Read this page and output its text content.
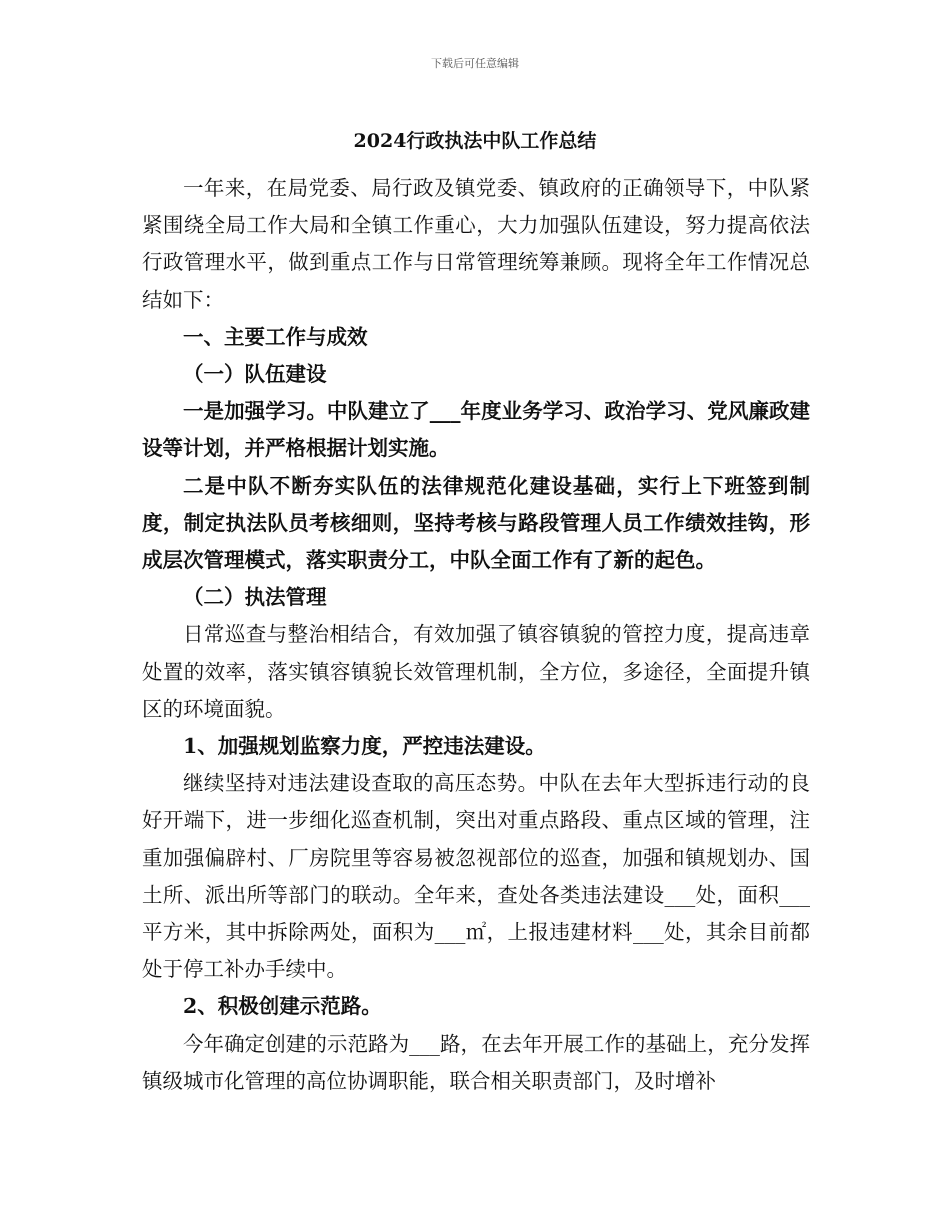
下载后可任意编辑
2024行政执法中队工作总结

一年来，在局党委、局行政及镇党委、镇政府的正确领导下，中队紧紧围绕全局工作大局和全镇工作重心，大力加强队伍建设，努力提高依法行政管理水平，做到重点工作与日常管理统筹兼顾。现将全年工作情况总结如下：

一、主要工作与成效

（一）队伍建设

一是加强学习。中队建立了___年度业务学习、政治学习、党风廉政建设等计划，并严格根据计划实施。

二是中队不断夯实队伍的法律规范化建设基础，实行上下班签到制度，制定执法队员考核细则，坚持考核与路段管理人员工作绩效挂钩，形成层次管理模式，落实职责分工，中队全面工作有了新的起色。

（二）执法管理

日常巡查与整治相结合，有效加强了镇容镇貌的管控力度，提高违章处置的效率，落实镇容镇貌长效管理机制，全方位，多途径，全面提升镇区的环境面貌。

1、加强规划监察力度，严控违法建设。

继续坚持对违法建设查取的高压态势。中队在去年大型拆违行动的良好开端下，进一步细化巡查机制，突出对重点路段、重点区域的管理，注重加强偏辟村、厂房院里等容易被忽视部位的巡查，加强和镇规划办、国土所、派出所等部门的联动。全年来，查处各类违法建设___处，面积___平方米，其中拆除两处，面积为___㎡，上报违建材料___处，其余目前都处于停工补办手续中。

2、积极创建示范路。

今年确定创建的示范路为___路，在去年开展工作的基础上，充分发挥镇级城市化管理的高位协调职能，联合相关职责部门，及时增补
